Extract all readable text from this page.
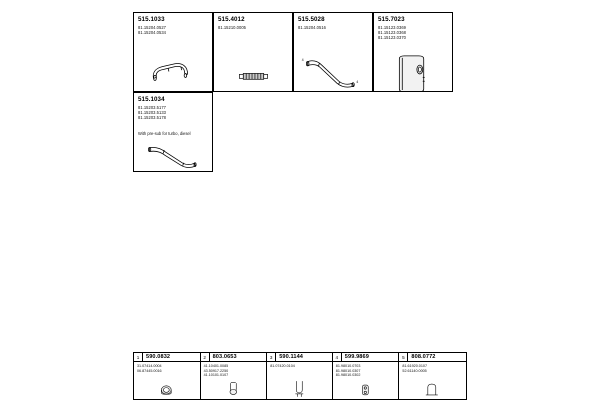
515.1033
81.15204.0527
81.15204.0534
515.4012
81.15210.0005
515.5028
81.15204.0516
4
4
515.7023
81.15123.0369
81.15123.0368
81.15123.0370
515.1034
81.15203.5177
81.15203.5133
81.15203.5178
With pre-sub for turbo, diesel
1	590.0832
31.07414.0004
06.87445.0016
2	803.0653
41.10401.0085
43.50917.2250
41.10101.0107
3	590.1144
81.07420.0104
4	599.9869
81.98010.0703
81.98010.0307
81.98010.0302
5	808.0772
81.61920.0107
52.61140.0005
